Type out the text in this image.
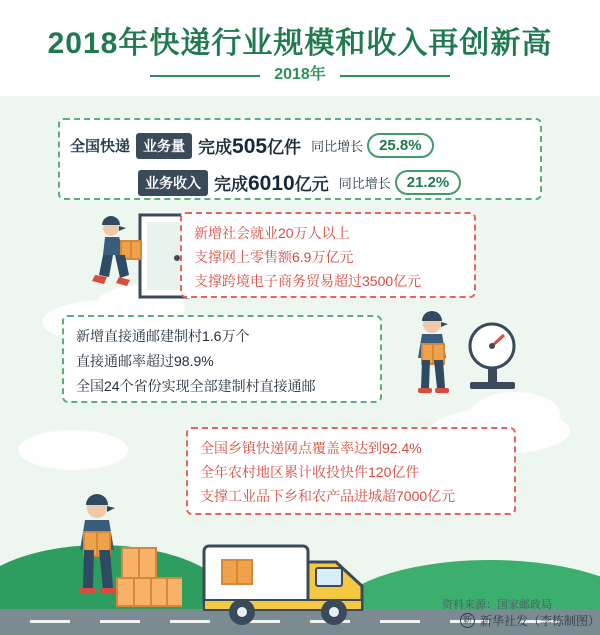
2018年快递行业规模和收入再创新高
2018年
全国快递 业务量 完成505亿件 同比增长	25.8%
业务收入 完成6010亿元 同比增长	21.2%
新增社会就业20万人以上
支撑网上零售额6.9万亿元
支撑跨境电子商务贸易超过3500亿元
新增直接通邮建制村1.6万个
直接通邮率超过98.9%
全国24个省份实现全部建制村直接通邮
全国乡镇快递网点覆盖率达到92.4%
全年农村地区累计收投快件120亿件
支撑工业品下乡和农产品进城超7000亿元
资料来源：国家邮政局
新 新华社发（李栋制图）
